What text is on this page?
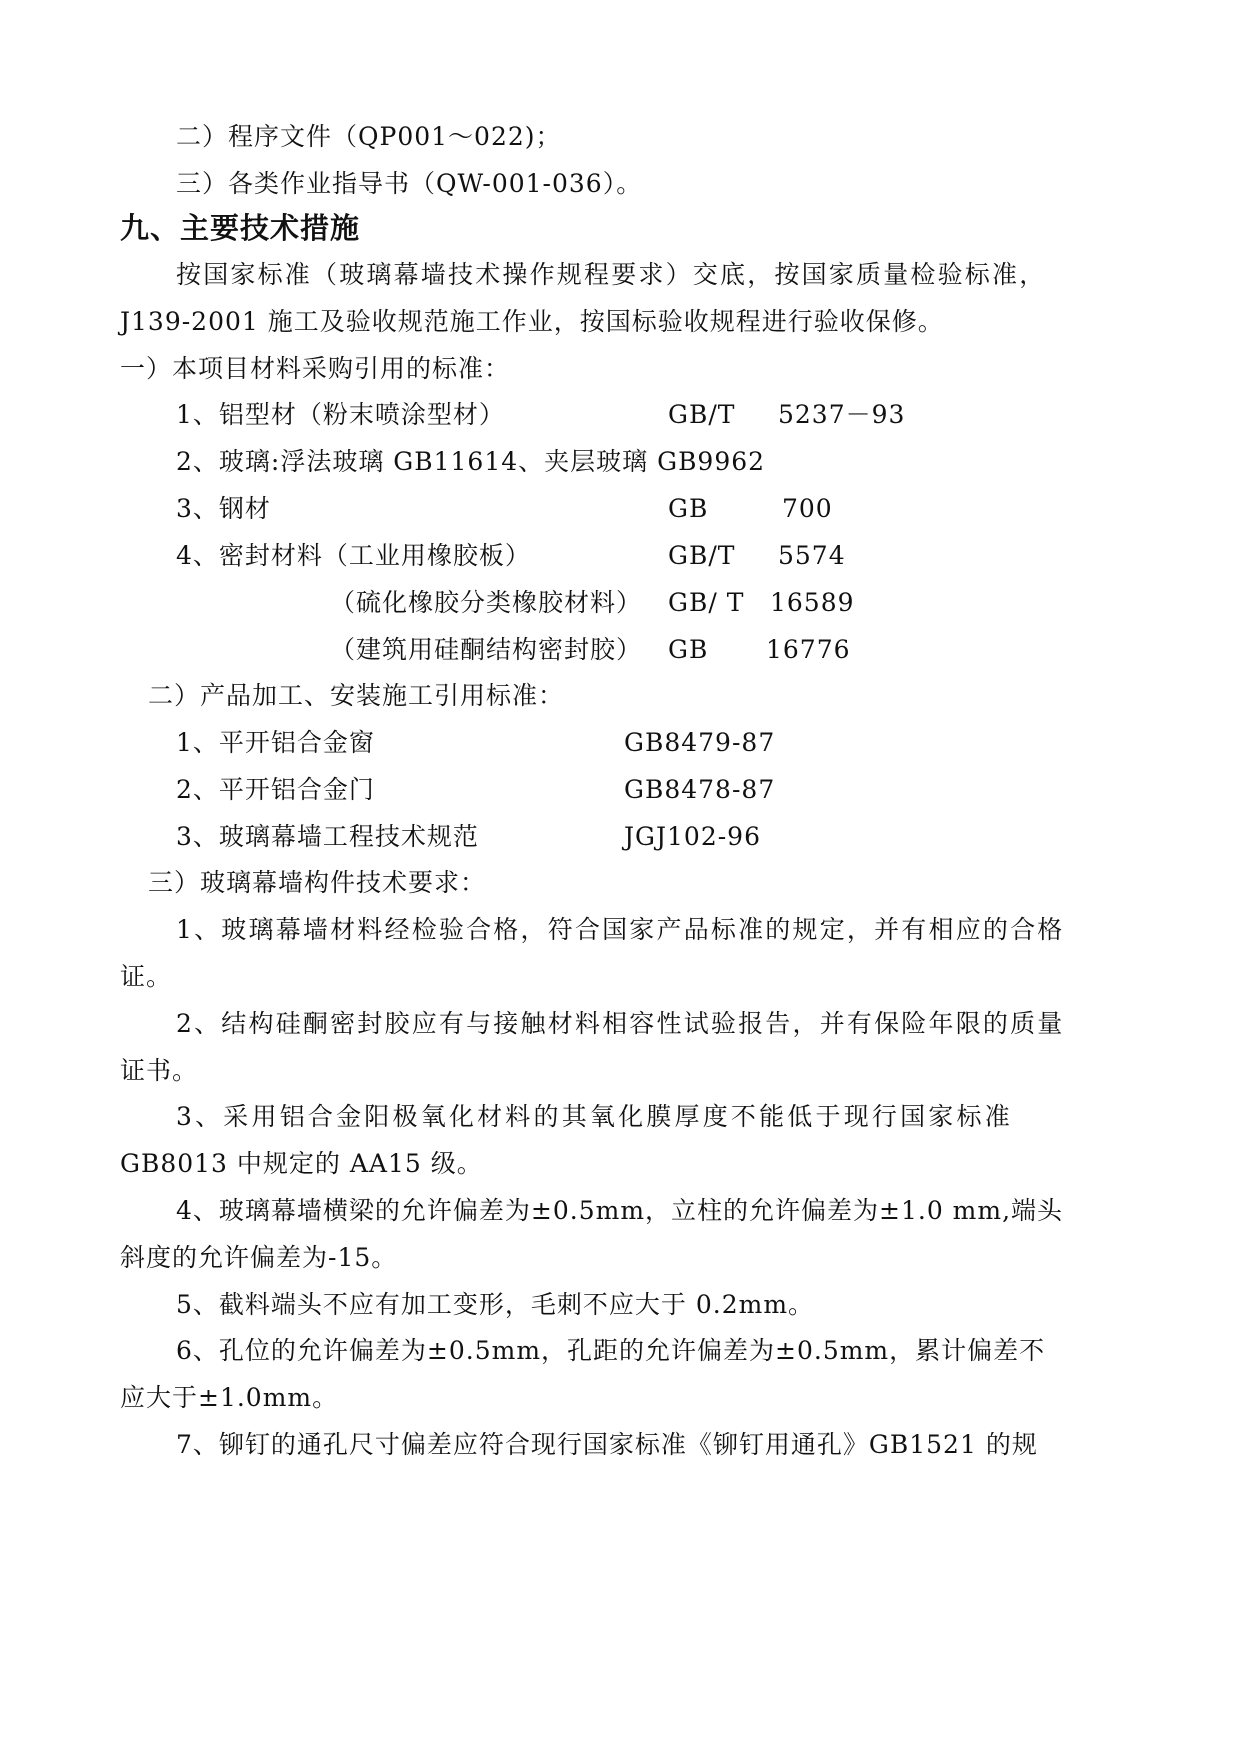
二）程序文件（QP001～022)；
三）各类作业指导书（QW-001-036）。
九、主要技术措施
按国家标准（玻璃幕墙技术操作规程要求）交底，按国家质量检验标准，
J139-2001 施工及验收规范施工作业，按国标验收规程进行验收保修。
一）本项目材料采购引用的标准：
1、铝型材（粉末喷涂型材）	GB/T 5237－93
2、玻璃:浮法玻璃 GB11614、夹层玻璃 GB9962
3、钢材	GB	700
4、密封材料（工业用橡胶板）	GB/T 5574
（硫化橡胶分类橡胶材料） GB/ T 16589
（建筑用硅酮结构密封胶） GB 16776
二）产品加工、安装施工引用标准：
1、平开铝合金窗	GB8479-87
2、平开铝合金门	GB8478-87
3、玻璃幕墙工程技术规范	JGJ102-96
三）玻璃幕墙构件技术要求：
1、玻璃幕墙材料经检验合格，符合国家产品标准的规定，并有相应的合格
证。
2、结构硅酮密封胶应有与接触材料相容性试验报告，并有保险年限的质量
证书。
3、采用铝合金阳极氧化材料的其氧化膜厚度不能低于现行国家标准
GB8013 中规定的 AA15 级。
4、玻璃幕墙横梁的允许偏差为±0.5mm，立柱的允许偏差为±1.0 mm,端头
斜度的允许偏差为-15。
5、截料端头不应有加工变形，毛刺不应大于 0.2mm。
6、孔位的允许偏差为±0.5mm，孔距的允许偏差为±0.5mm，累计偏差不
应大于±1.0mm。
7、铆钉的通孔尺寸偏差应符合现行国家标准《铆钉用通孔》GB1521 的规
